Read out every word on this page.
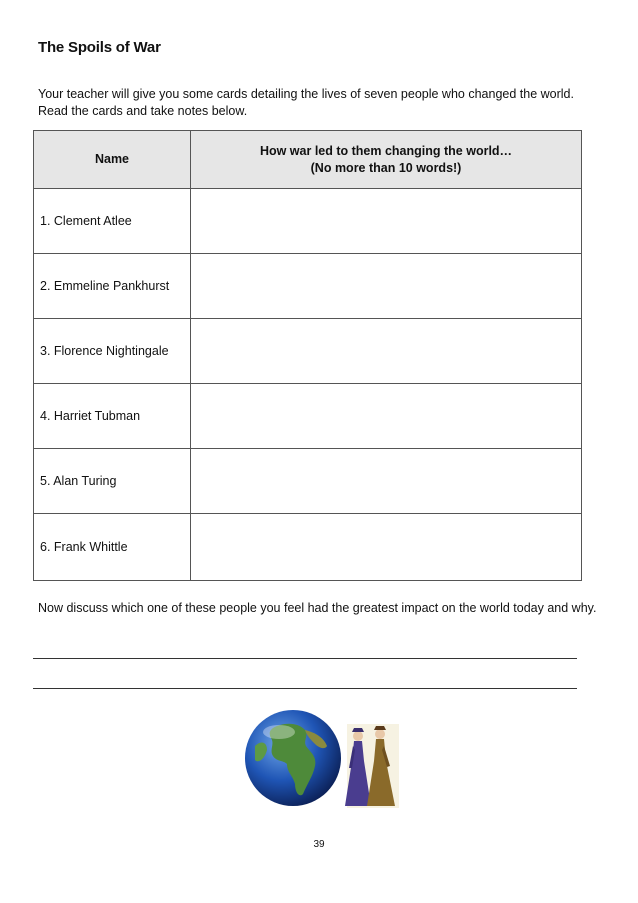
The Spoils of War
Your teacher will give you some cards detailing the lives of seven people who changed the world. Read the cards and take notes below.
Name	How war led to them changing the world…
(No more than 10 words!)

1. Clement Atlee	
2. Emmeline Pankhurst	
3. Florence Nightingale	
4. Harriet Tubman	
5. Alan Turing	
6. Frank Whittle	
Now discuss which one of these people you feel had the greatest impact on the world today and why.
39
